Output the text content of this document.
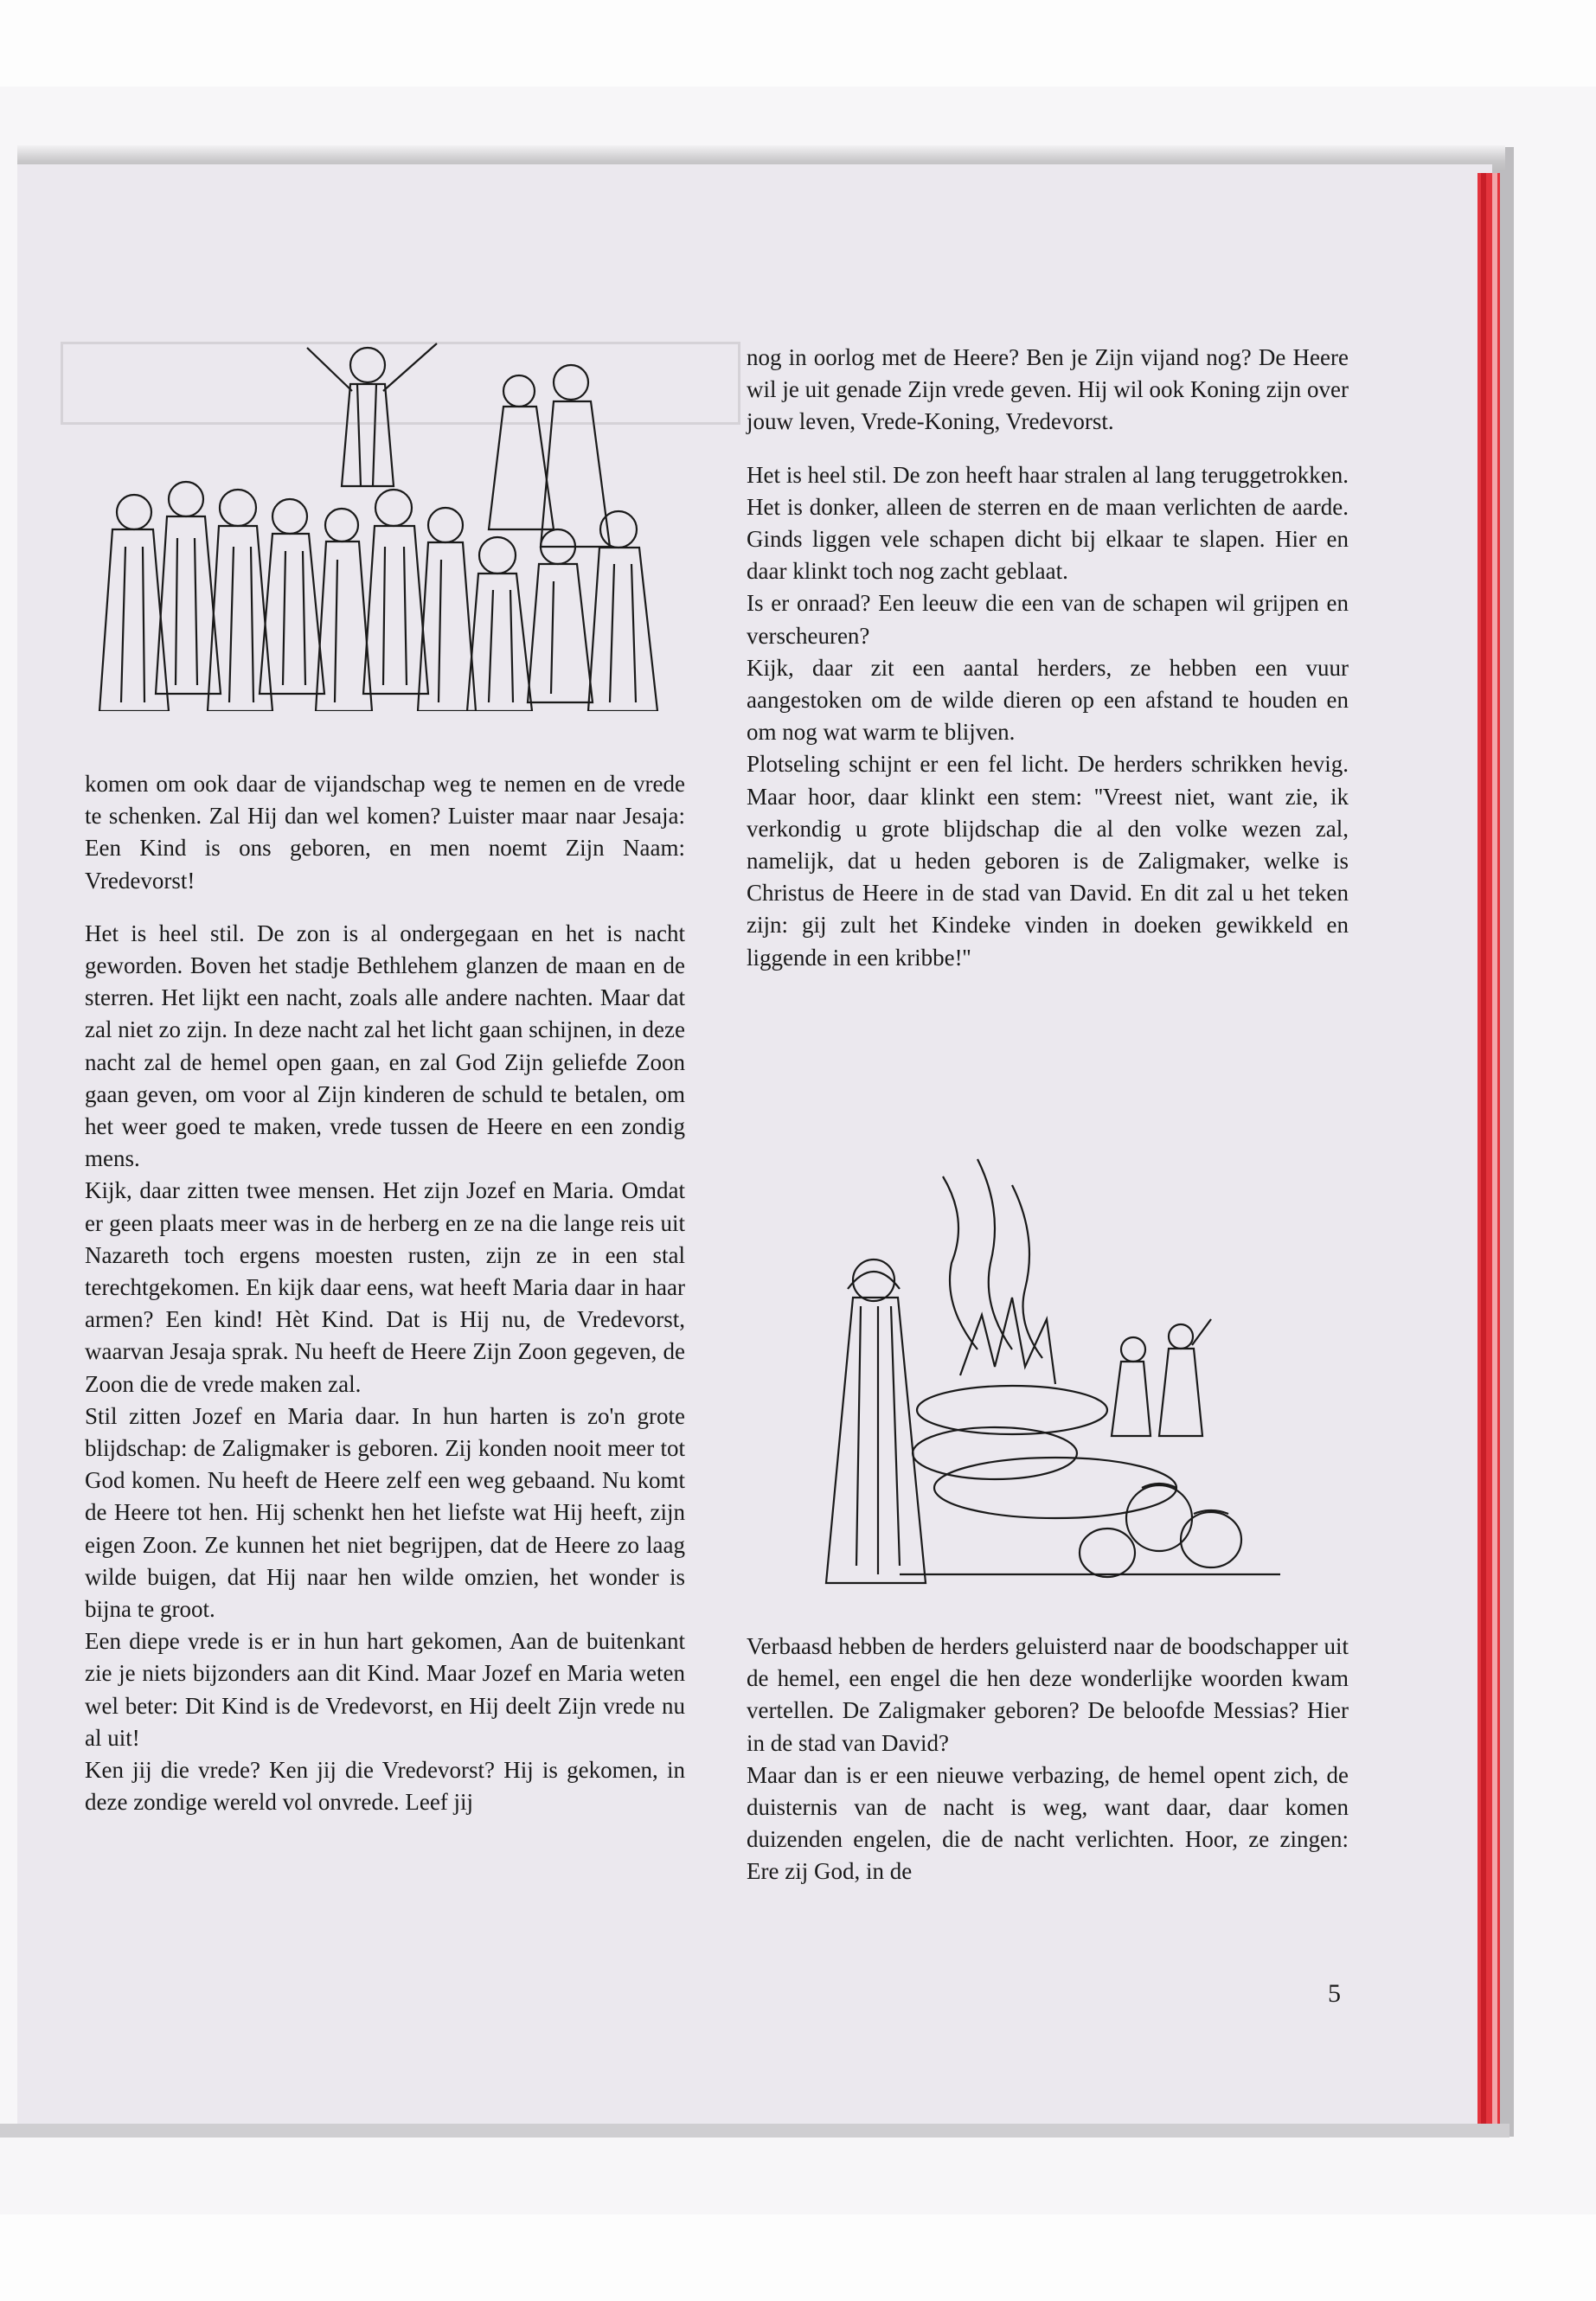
komen om ook daar de vijandschap weg te nemen en de vrede te schenken. Zal Hij dan wel komen? Luister maar naar Jesaja: Een Kind is ons geboren, en men noemt Zijn Naam: Vredevorst!

Het is heel stil. De zon is al ondergegaan en het is nacht geworden. Boven het stadje Bethlehem glanzen de maan en de sterren. Het lijkt een nacht, zoals alle andere nachten. Maar dat zal niet zo zijn. In deze nacht zal het licht gaan schijnen, in deze nacht zal de hemel open gaan, en zal God Zijn geliefde Zoon gaan geven, om voor al Zijn kinderen de schuld te betalen, om het weer goed te maken, vrede tussen de Heere en een zondig mens.

Kijk, daar zitten twee mensen. Het zijn Jozef en Maria. Omdat er geen plaats meer was in de herberg en ze na die lange reis uit Nazareth toch ergens moesten rusten, zijn ze in een stal terechtgekomen. En kijk daar eens, wat heeft Maria daar in haar armen? Een kind! Hèt Kind. Dat is Hij nu, de Vredevorst, waarvan Jesaja sprak. Nu heeft de Heere Zijn Zoon gegeven, de Zoon die de vrede maken zal.

Stil zitten Jozef en Maria daar. In hun harten is zo'n grote blijdschap: de Zaligmaker is geboren. Zij konden nooit meer tot God komen. Nu heeft de Heere zelf een weg gebaand. Nu komt de Heere tot hen. Hij schenkt hen het liefste wat Hij heeft, zijn eigen Zoon. Ze kunnen het niet begrijpen, dat de Heere zo laag wilde buigen, dat Hij naar hen wilde omzien, het wonder is bijna te groot.

Een diepe vrede is er in hun hart gekomen, Aan de buitenkant zie je niets bijzonders aan dit Kind. Maar Jozef en Maria weten wel beter: Dit Kind is de Vredevorst, en Hij deelt Zijn vrede nu al uit!

Ken jij die vrede? Ken jij die Vredevorst? Hij is gekomen, in deze zondige wereld vol onvrede. Leef jij

nog in oorlog met de Heere? Ben je Zijn vijand nog? De Heere wil je uit genade Zijn vrede geven. Hij wil ook Koning zijn over jouw leven, Vrede-Koning, Vredevorst.

Het is heel stil. De zon heeft haar stralen al lang teruggetrokken. Het is donker, alleen de sterren en de maan verlichten de aarde. Ginds liggen vele schapen dicht bij elkaar te slapen. Hier en daar klinkt toch nog zacht geblaat.

Is er onraad? Een leeuw die een van de schapen wil grijpen en verscheuren?

Kijk, daar zit een aantal herders, ze hebben een vuur aangestoken om de wilde dieren op een afstand te houden en om nog wat warm te blijven.

Plotseling schijnt er een fel licht. De herders schrikken hevig. Maar hoor, daar klinkt een stem: ''Vreest niet, want zie, ik verkondig u grote blijdschap die al den volke wezen zal, namelijk, dat u heden geboren is de Zaligmaker, welke is Christus de Heere in de stad van David. En dit zal u het teken zijn: gij zult het Kindeke vinden in doeken gewikkeld en liggende in een kribbe!''

Verbaasd hebben de herders geluisterd naar de boodschapper uit de hemel, een engel die hen deze wonderlijke woorden kwam vertellen. De Zaligmaker geboren? De beloofde Messias? Hier in de stad van David?

Maar dan is er een nieuwe verbazing, de hemel opent zich, de duisternis van de nacht is weg, want daar, daar komen duizenden engelen, die de nacht verlichten. Hoor, ze zingen: Ere zij God, in de

5
